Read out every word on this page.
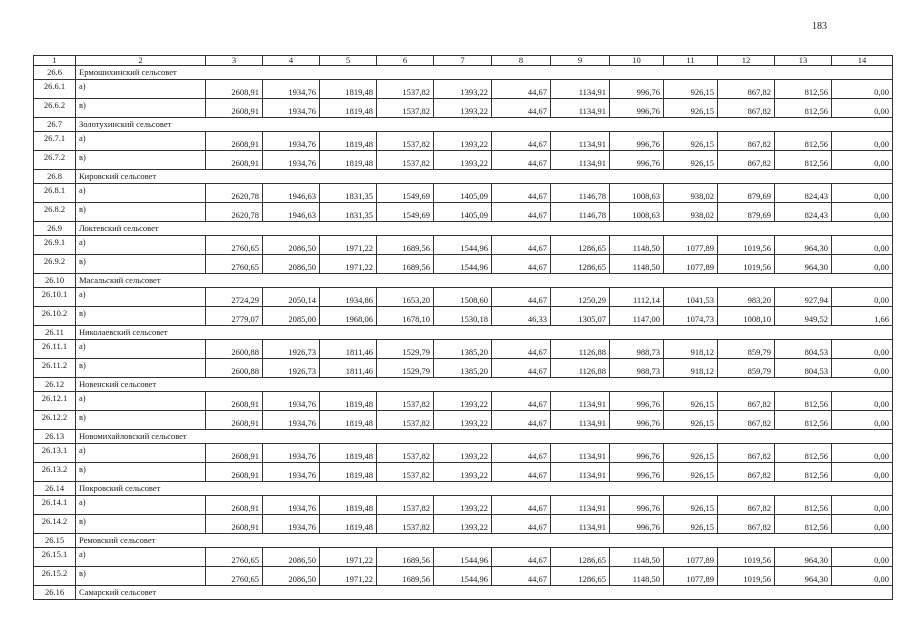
183
1	2	3	4	5	6	7	8	9	10	11	12	13	14
26.6	Ермошихинский сельсовет												
26.6.1	а)	2608,91	1934,76	1819,48	1537,82	1393,22	44,67	1134,91	996,76	926,15	867,82	812,56	0,00
26.6.2	в)	2608,91	1934,76	1819,48	1537,82	1393,22	44,67	1134,91	996,76	926,15	867,82	812,56	0,00
26.7	Золотухинский сельсовет												
26.7.1	а)	2608,91	1934,76	1819,48	1537,82	1393,22	44,67	1134,91	996,76	926,15	867,82	812,56	0,00
26.7.2	в)	2608,91	1934,76	1819,48	1537,82	1393,22	44,67	1134,91	996,76	926,15	867,82	812,56	0,00
26.8	Кировский сельсовет												
26.8.1	а)	2620,78	1946,63	1831,35	1549,69	1405,09	44,67	1146,78	1008,63	938,02	879,69	824,43	0,00
26.8.2	в)	2620,78	1946,63	1831,35	1549,69	1405,09	44,67	1146,78	1008,63	938,02	879,69	824,43	0,00
26.9	Локтевский сельсовет												
26.9.1	а)	2760,65	2086,50	1971,22	1689,56	1544,96	44,67	1286,65	1148,50	1077,89	1019,56	964,30	0,00
26.9.2	в)	2760,65	2086,50	1971,22	1689,56	1544,96	44,67	1286,65	1148,50	1077,89	1019,56	964,30	0,00
26.10	Масальский сельсовет												
26.10.1	а)	2724,29	2050,14	1934,86	1653,20	1508,60	44,67	1250,29	1112,14	1041,53	983,20	927,94	0,00
26.10.2	в)	2779,07	2085,00	1968,06	1678,10	1530,18	46,33	1305,07	1147,00	1074,73	1008,10	949,52	1,66
26.11	Николаевский сельсовет												
26.11.1	а)	2600,88	1926,73	1811,46	1529,79	1385,20	44,67	1126,88	988,73	918,12	859,79	804,53	0,00
26.11.2	в)	2600,88	1926,73	1811,46	1529,79	1385,20	44,67	1126,88	988,73	918,12	859,79	804,53	0,00
26.12	Новенский сельсовет												
26.12.1	а)	2608,91	1934,76	1819,48	1537,82	1393,22	44,67	1134,91	996,76	926,15	867,82	812,56	0,00
26.12.2	в)	2608,91	1934,76	1819,48	1537,82	1393,22	44,67	1134,91	996,76	926,15	867,82	812,56	0,00
26.13	Новомихайловский сельсовет												
26.13.1	а)	2608,91	1934,76	1819,48	1537,82	1393,22	44,67	1134,91	996,76	926,15	867,82	812,56	0,00
26.13.2	в)	2608,91	1934,76	1819,48	1537,82	1393,22	44,67	1134,91	996,76	926,15	867,82	812,56	0,00
26.14	Покровский сельсовет												
26.14.1	а)	2608,91	1934,76	1819,48	1537,82	1393,22	44,67	1134,91	996,76	926,15	867,82	812,56	0,00
26.14.2	в)	2608,91	1934,76	1819,48	1537,82	1393,22	44,67	1134,91	996,76	926,15	867,82	812,56	0,00
26.15	Ремовский сельсовет												
26.15.1	а)	2760,65	2086,50	1971,22	1689,56	1544,96	44,67	1286,65	1148,50	1077,89	1019,56	964,30	0,00
26.15.2	в)	2760,65	2086,50	1971,22	1689,56	1544,96	44,67	1286,65	1148,50	1077,89	1019,56	964,30	0,00
26.16	Самарский сельсовет												
